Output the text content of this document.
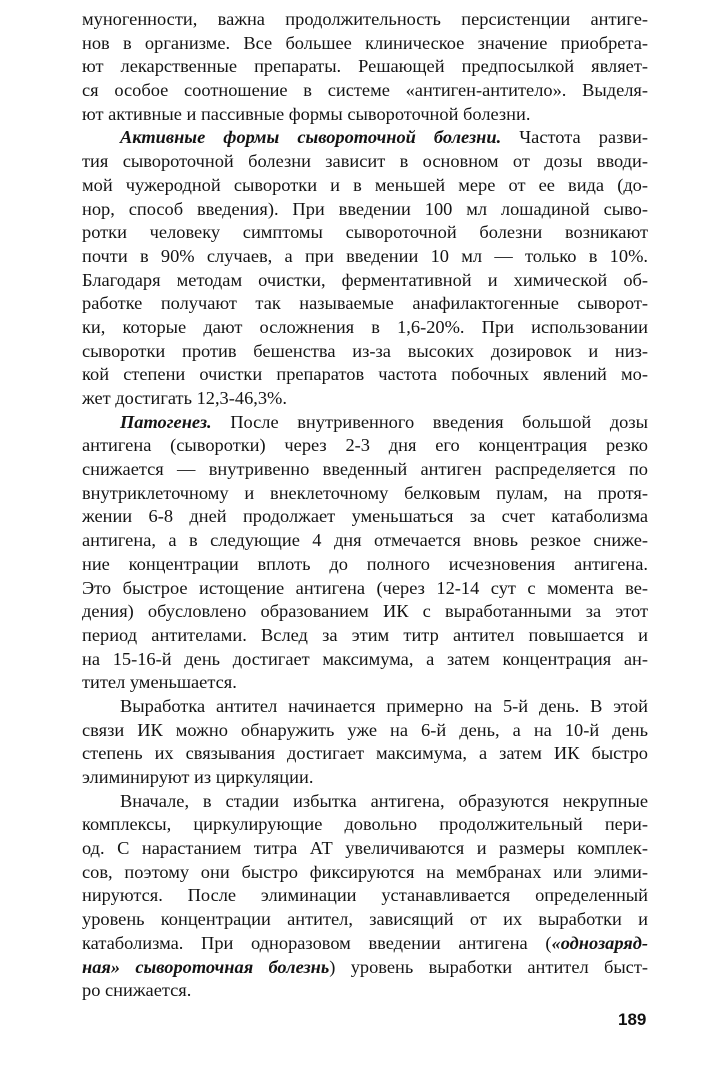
муногенности, важна продолжительность персистенции антиге-
нов в организме. Все большее клиническое значение приобрета-
ют лекарственные препараты. Решающей предпосылкой являет-
ся особое соотношение в системе «антиген-антитело». Выделя-
ют активные и пассивные формы сывороточной болезни.
Активные формы сывороточной болезни. Частота разви-
тия сывороточной болезни зависит в основном от дозы вводи-
мой чужеродной сыворотки и в меньшей мере от ее вида (до-
нор, способ введения). При введении 100 мл лошадиной сыво-
ротки человеку симптомы сывороточной болезни возникают
почти в 90% случаев, а при введении 10 мл — только в 10%.
Благодаря методам очистки, ферментативной и химической об-
работке получают так называемые анафилактогенные сыворот-
ки, которые дают осложнения в 1,6-20%. При использовании
сыворотки против бешенства из-за высоких дозировок и низ-
кой степени очистки препаратов частота побочных явлений мо-
жет достигать 12,3-46,3%.
Патогенез. После внутривенного введения большой дозы
антигена (сыворотки) через 2-3 дня его концентрация резко
снижается — внутривенно введенный антиген распределяется по
внутриклеточному и внеклеточному белковым пулам, на протя-
жении 6-8 дней продолжает уменьшаться за счет катаболизма
антигена, а в следующие 4 дня отмечается вновь резкое сниже-
ние концентрации вплоть до полного исчезновения антигена.
Это быстрое истощение антигена (через 12-14 сут с момента ве-
дения) обусловлено образованием ИК с выработанными за этот
период антителами. Вслед за этим титр антител повышается и
на 15-16-й день достигает максимума, а затем концентрация ан-
тител уменьшается.
Выработка антител начинается примерно на 5-й день. В этой
связи ИК можно обнаружить уже на 6-й день, а на 10-й день
степень их связывания достигает максимума, а затем ИК быстро
элиминируют из циркуляции.
Вначале, в стадии избытка антигена, образуются некрупные
комплексы, циркулирующие довольно продолжительный пери-
од. С нарастанием титра АТ увеличиваются и размеры комплек-
сов, поэтому они быстро фиксируются на мембранах или элими-
нируются. После элиминации устанавливается определенный
уровень концентрации антител, зависящий от их выработки и
катаболизма. При одноразовом введении антигена («однозаряд-
ная» сывороточная болезнь) уровень выработки антител быст-
ро снижается.
189
